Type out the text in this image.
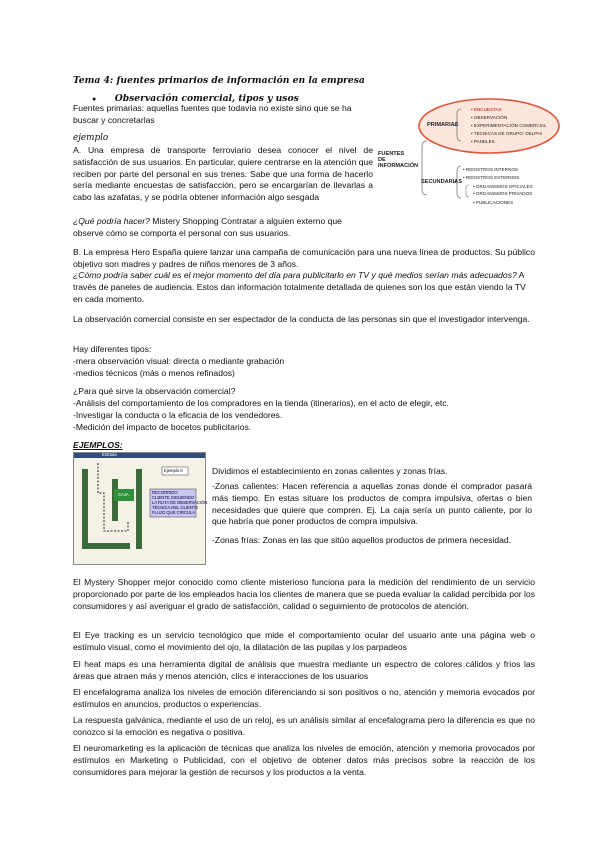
Tema 4: fuentes primarios de información en la empresa
● Observación comercial, tipos y usos

Fuentes primarias: aquellas fuentes que todavía no existe sino que se ha buscar y concretarlas

ejemplo

A. Una empresa de transporte ferroviario desea conocer el nivel de satisfacción de sus usuarios. En particular, quiere centrarse en la atención que reciben por parte del personal en sus trenes. Sabe que una forma de hacerlo sería mediante encuestas de satisfacción, pero se encargarían de llevarlas a cabo las azafatas, y se podría obtener información algo sesgada

¿Qué podría hacer? Mistery Shopping Contratar a alguien externo que observe cómo se comporta el personal con sus usuarios.

FUENTES
DE
INFORMACIÓN
PRIMARIAS
• ENCUESTAS
• OBSERVACIÓN
• EXPERIMENTACIÓN COMERCIAL
• TÉCNICAS DE GRUPO: DELPHI
• PANELES
SECUNDARIAS
• REGISTROS INTERNOS
• REGISTROS EXTERNOS
• ORGANISMOS OFICIALES
• ORGANISMOS PRIVADOS
• PUBLICACIONES

B. La empresa Hero España quiere lanzar una campaña de comunicación para una nueva línea de productos. Su público objetivo son madres y padres de niños menores de 3 años.

¿Cómo podría saber cuál es el mejor momento del día para publicitarlo en TV y qué medios serían más adecuados? A través de paneles de audiencia. Estos dan información totalmente detallada de quienes son los que están viendo la TV en cada momento.

La observación comercial consiste en ser espectador de la conducta de las personas sin que el investigador intervenga.

Hay diferentes tipos:

-mera observación visual: directa o mediante grabación

-medios técnicos (más o menos refinados)

¿Para qué sirve la observación comercial?

-Análisis del comportamiento de los compradores en la tienda (itinerarios), en el acto de elegir, etc.

-Investigar la conducta o la eficacia de los vendedores.

-Medición del impacto de bocetos publicitarios.

EJEMPLOS:

Entrada
Ejemplo 8
CAJA	RECORRIDO
CLIENTE SIGUIENDO
LA RUTA DE OBSERVACIÓN
TÉCNICA DEL CLIENTE
FLUJO QUE CIRCULA

Dividimos el establecimiento en zonas calientes y zonas frías.

-Zonas calientes: Hacen referencia a aquellas zonas donde el comprador pasará más tiempo. En estas situare los productos de compra impulsiva, ofertas o bien necesidades que quiere que compren. Ej. La caja sería un punto caliente, por lo que habría que poner productos de compra impulsiva.

-Zonas frías: Zonas en las que sitúo aquellos productos de primera necesidad.

El Mystery Shopper mejor conocido como cliente misterioso funciona para la medición del rendimiento de un servicio proporcionado por parte de los empleados hacia los clientes de manera que se pueda evaluar la calidad percibida por los consumidores y así averiguar el grado de satisfacción, calidad o seguimiento de protocolos de atención.

El Eye tracking es un servicio tecnológico que mide el comportamiento ocular del usuario ante una página web o estímulo visual, como el movimiento del ojo, la dilatación de las pupilas y los parpadeos

El heat maps es una herramienta digital de análisis que muestra mediante un espectro de colores cálidos y fríos las áreas que atraen más y menos atención, clics e interacciones de los usuarios

El encefalograma analiza los niveles de emoción diferenciando si son positivos o no, atención y memoria evocados por estímulos en anuncios, productos o experiencias.

La respuesta galvánica, mediante el uso de un reloj, es un análisis similar al encefalograma pero la diferencia es que no conozco si la emoción es negativa o positiva.

El neuromarketing es la aplicación de técnicas que analiza los niveles de emoción, atención y memoria provocados por estímulos en Marketing o Publicidad, con el objetivo de obtener datos más precisos sobre la reacción de los consumidores para mejorar la gestión de recursos y los productos a la venta.
